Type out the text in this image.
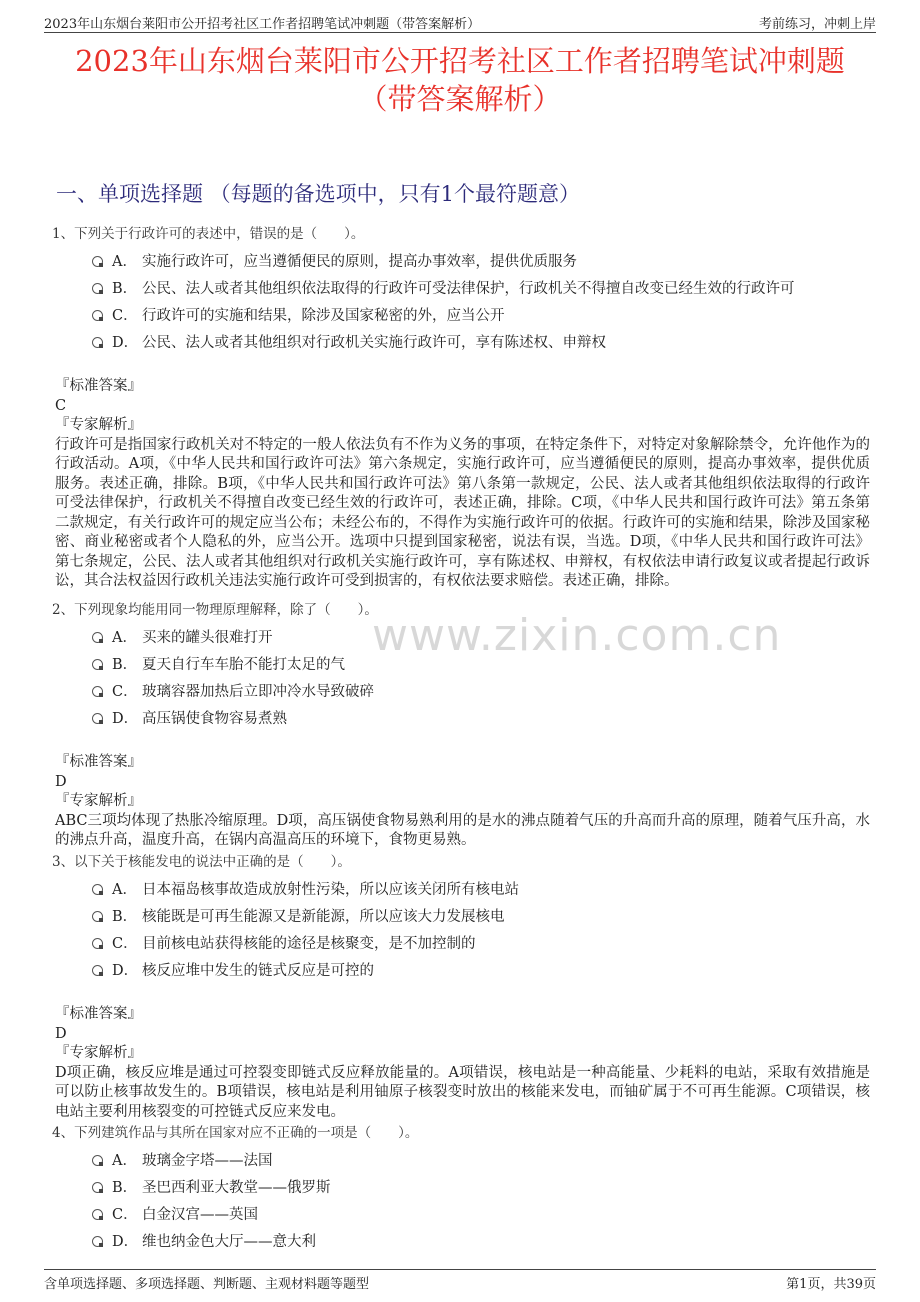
2023年山东烟台莱阳市公开招考社区工作者招聘笔试冲刺题（带答案解析）	考前练习，冲刺上岸
2023年山东烟台莱阳市公开招考社区工作者招聘笔试冲刺题
（带答案解析）
一、单项选择题 （每题的备选项中，只有1个最符题意）
www.zixin.com.cn
1、下列关于行政许可的表述中，错误的是（　　）。
A． 实施行政许可，应当遵循便民的原则，提高办事效率，提供优质服务
B． 公民、法人或者其他组织依法取得的行政许可受法律保护，行政机关不得擅自改变已经生效的行政许可
C． 行政许可的实施和结果，除涉及国家秘密的外，应当公开
D． 公民、法人或者其他组织对行政机关实施行政许可，享有陈述权、申辩权
『标准答案』
C
『专家解析』
行政许可是指国家行政机关对不特定的一般人依法负有不作为义务的事项，在特定条件下，对特定对象解除禁令，允许他作为的行政活动。A项，《中华人民共和国行政许可法》第六条规定，实施行政许可，应当遵循便民的原则，提高办事效率，提供优质服务。表述正确，排除。B项，《中华人民共和国行政许可法》第八条第一款规定，公民、法人或者其他组织依法取得的行政许可受法律保护，行政机关不得擅自改变已经生效的行政许可，表述正确，排除。C项，《中华人民共和国行政许可法》第五条第二款规定，有关行政许可的规定应当公布；未经公布的，不得作为实施行政许可的依据。行政许可的实施和结果，除涉及国家秘密、商业秘密或者个人隐私的外，应当公开。选项中只提到国家秘密，说法有误，当选。D项，《中华人民共和国行政许可法》第七条规定，公民、法人或者其他组织对行政机关实施行政许可，享有陈述权、申辩权，有权依法申请行政复议或者提起行政诉讼，其合法权益因行政机关违法实施行政许可受到损害的，有权依法要求赔偿。表述正确，排除。
2、下列现象均能用同一物理原理解释，除了（　　）。
A． 买来的罐头很难打开
B． 夏天自行车车胎不能打太足的气
C． 玻璃容器加热后立即冲冷水导致破碎
D． 高压锅使食物容易煮熟
『标准答案』
D
『专家解析』
ABC三项均体现了热胀冷缩原理。D项，高压锅使食物易熟利用的是水的沸点随着气压的升高而升高的原理，随着气压升高，水的沸点升高，温度升高，在锅内高温高压的环境下，食物更易熟。
3、以下关于核能发电的说法中正确的是（　　）。
A． 日本福岛核事故造成放射性污染，所以应该关闭所有核电站
B． 核能既是可再生能源又是新能源，所以应该大力发展核电
C． 目前核电站获得核能的途径是核聚变，是不加控制的
D． 核反应堆中发生的链式反应是可控的
『标准答案』
D
『专家解析』
D项正确，核反应堆是通过可控裂变即链式反应释放能量的。A项错误，核电站是一种高能量、少耗料的电站，采取有效措施是可以防止核事故发生的。B项错误，核电站是利用铀原子核裂变时放出的核能来发电，而铀矿属于不可再生能源。C项错误，核电站主要利用核裂变的可控链式反应来发电。
4、下列建筑作品与其所在国家对应不正确的一项是（　　）。
A． 玻璃金字塔——法国
B． 圣巴西利亚大教堂——俄罗斯
C． 白金汉宫——英国
D． 维也纳金色大厅——意大利
含单项选择题、多项选择题、判断题、主观材料题等题型	第1页，共39页
